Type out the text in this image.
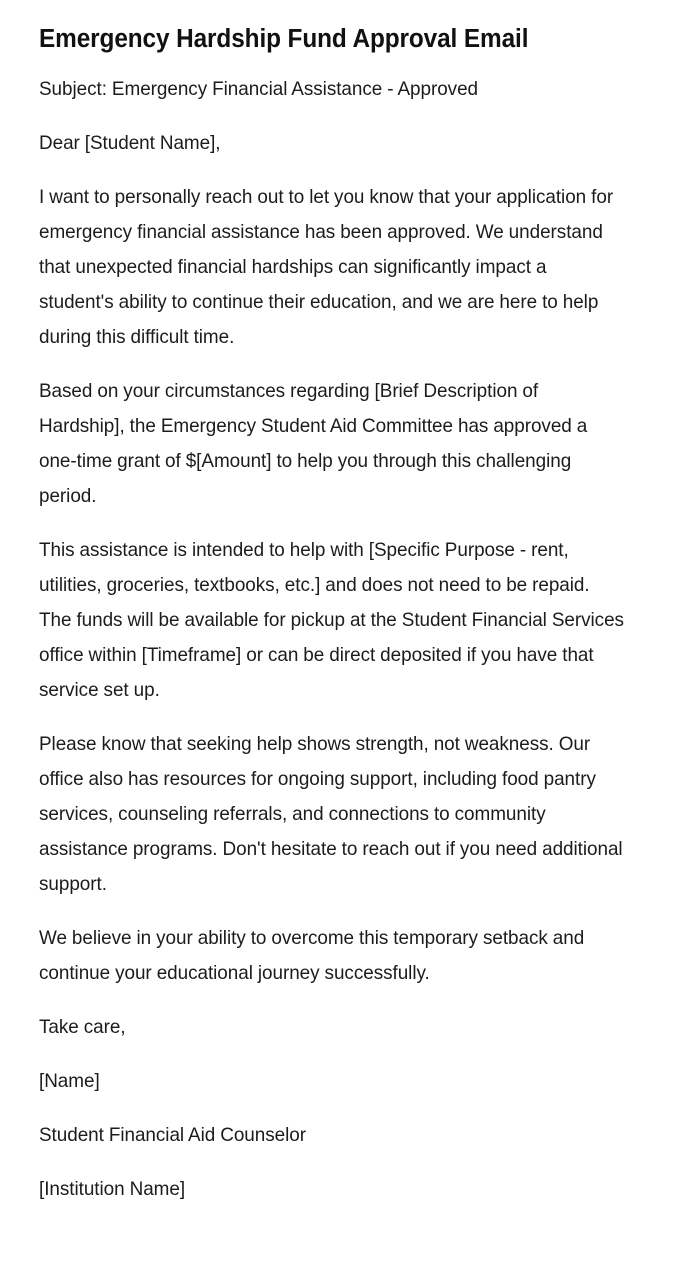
Emergency Hardship Fund Approval Email

Subject: Emergency Financial Assistance - Approved

Dear [Student Name],

I want to personally reach out to let you know that your application for emergency financial assistance has been approved. We understand that unexpected financial hardships can significantly impact a student's ability to continue their education, and we are here to help during this difficult time.

Based on your circumstances regarding [Brief Description of Hardship], the Emergency Student Aid Committee has approved a one-time grant of $[Amount] to help you through this challenging period.

This assistance is intended to help with [Specific Purpose - rent, utilities, groceries, textbooks, etc.] and does not need to be repaid. The funds will be available for pickup at the Student Financial Services office within [Timeframe] or can be direct deposited if you have that service set up.

Please know that seeking help shows strength, not weakness. Our office also has resources for ongoing support, including food pantry services, counseling referrals, and connections to community assistance programs. Don't hesitate to reach out if you need additional support.

We believe in your ability to overcome this temporary setback and continue your educational journey successfully.

Take care,

[Name]

Student Financial Aid Counselor

[Institution Name]
